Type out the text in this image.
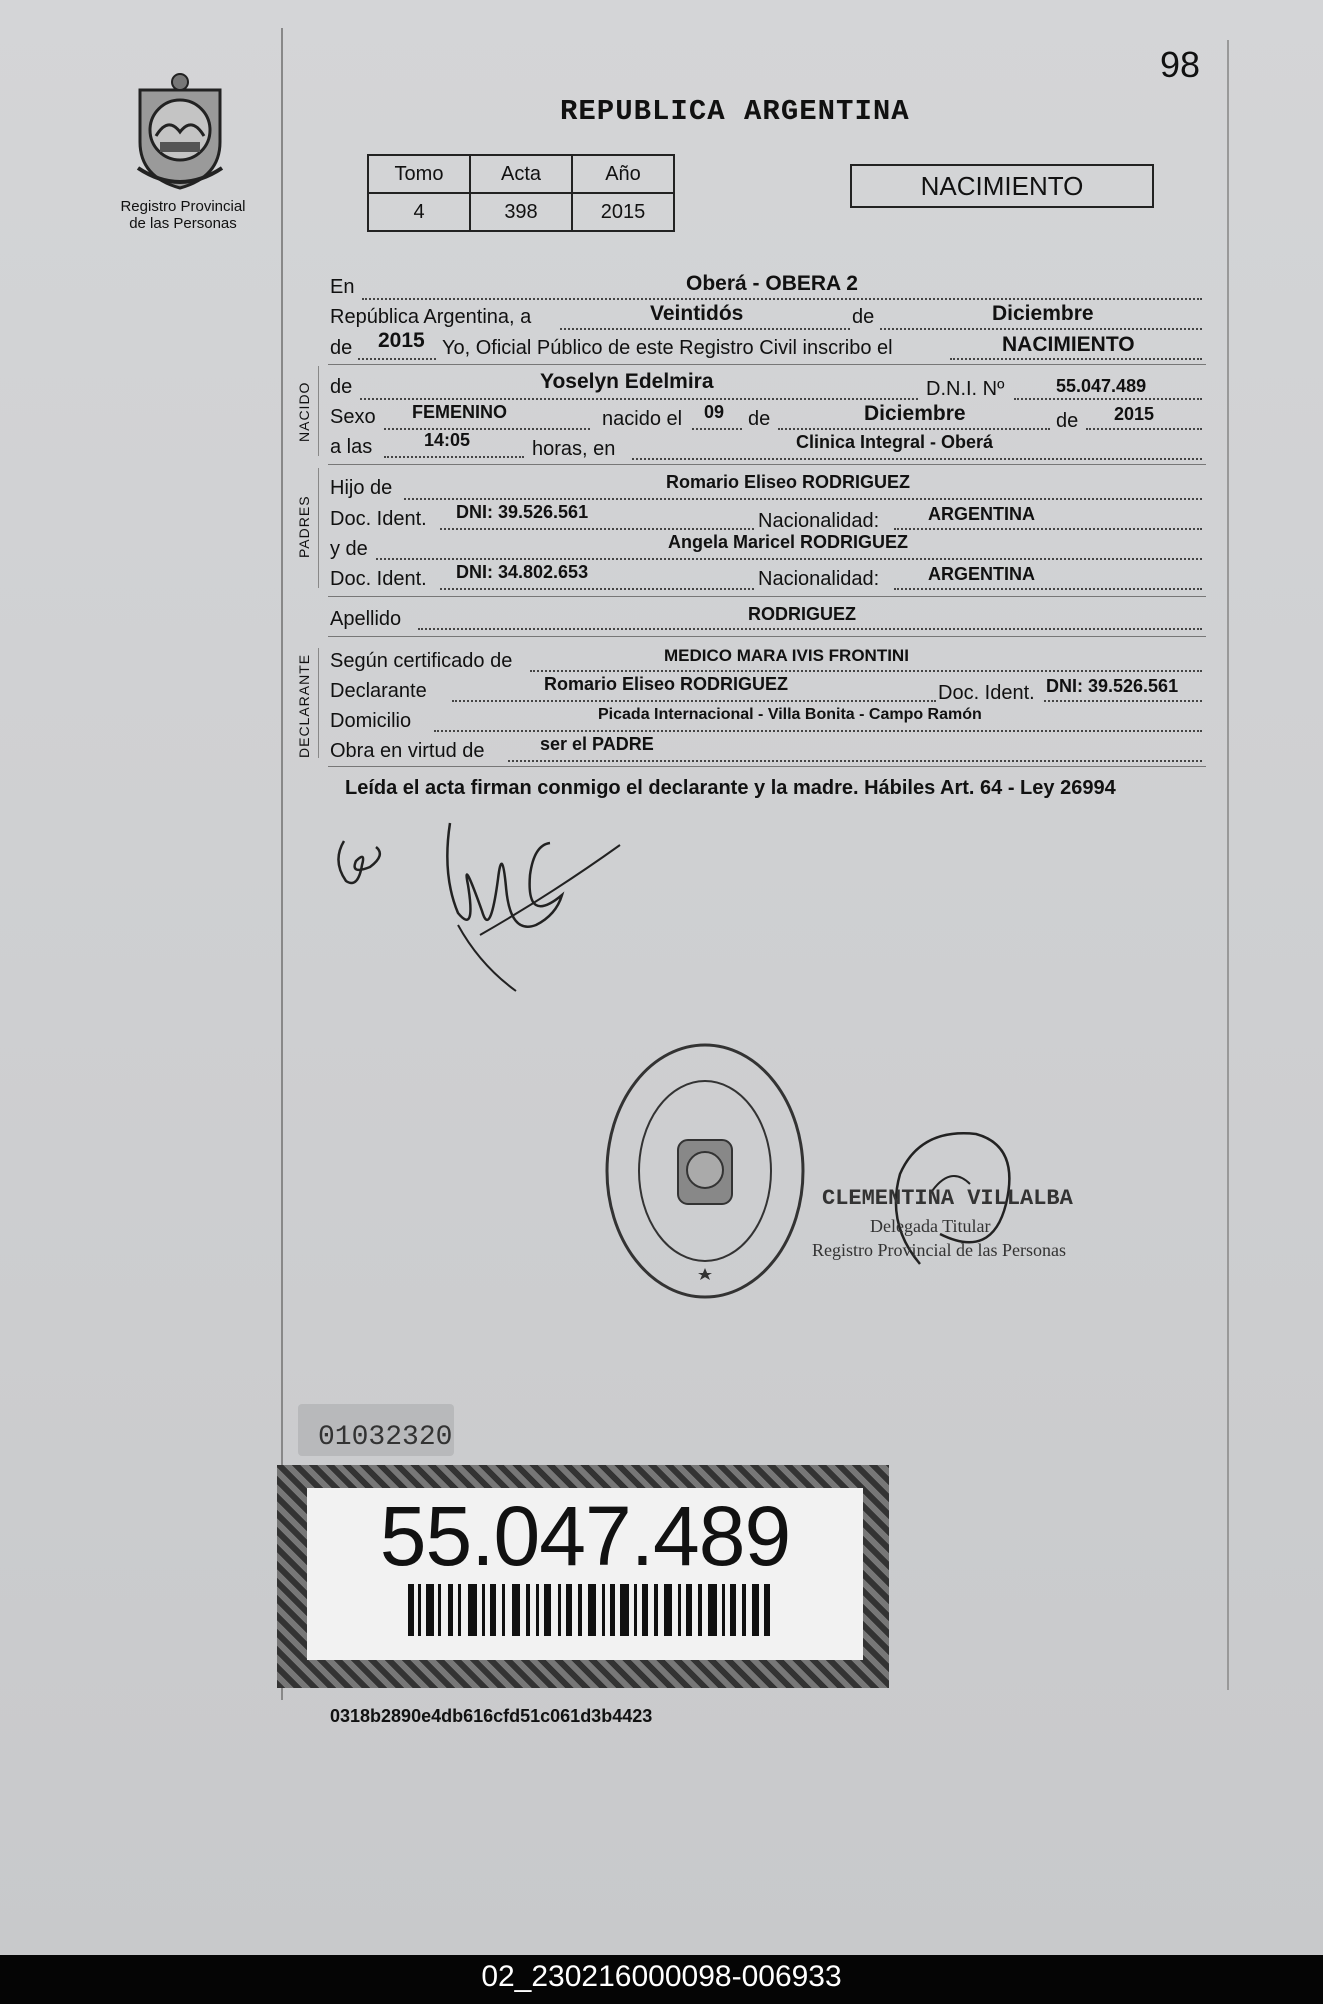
98
REPUBLICA ARGENTINA
Registro Provincial
de las Personas
Tomo	Acta	Año
4	398	2015
NACIMIENTO
En	Oberá - OBERA 2
República Argentina, a	Veintidós	de	Diciembre
de 2015 Yo, Oficial Público de este Registro Civil inscribo el	NACIMIENTO
NACIDO de	Yoselyn Edelmira	D.N.I. Nº	55.047.489
Sexo FEMENINO	nacido el 09 de	Diciembre	de 2015
a las	14:05	horas, en	Clinica Integral - Oberá
PADRES
Hijo de	Romario Eliseo RODRIGUEZ
Doc. Ident. DNI: 39.526.561	Nacionalidad:	ARGENTINA
y de	Angela Maricel RODRIGUEZ
Doc. Ident. DNI: 34.802.653	Nacionalidad:	ARGENTINA
Apellido	RODRIGUEZ
DECLARANTE Según certificado de	MEDICO MARA IVIS FRONTINI
Declarante	Romario Eliseo RODRIGUEZ	Doc. Ident. DNI: 39.526.561
Domicilio	Picada Internacional - Villa Bonita - Campo Ramón
Obra en virtud de	ser el PADRE
Leída el acta firman conmigo el declarante y la madre. Hábiles Art. 64 - Ley 26994
CLEMENTINA VILLALBA
Delegada Titular
Registro Provincial de las Personas
01032320
55.047.489
0318b2890e4db616cfd51c061d3b4423
02_230216000098-006933
